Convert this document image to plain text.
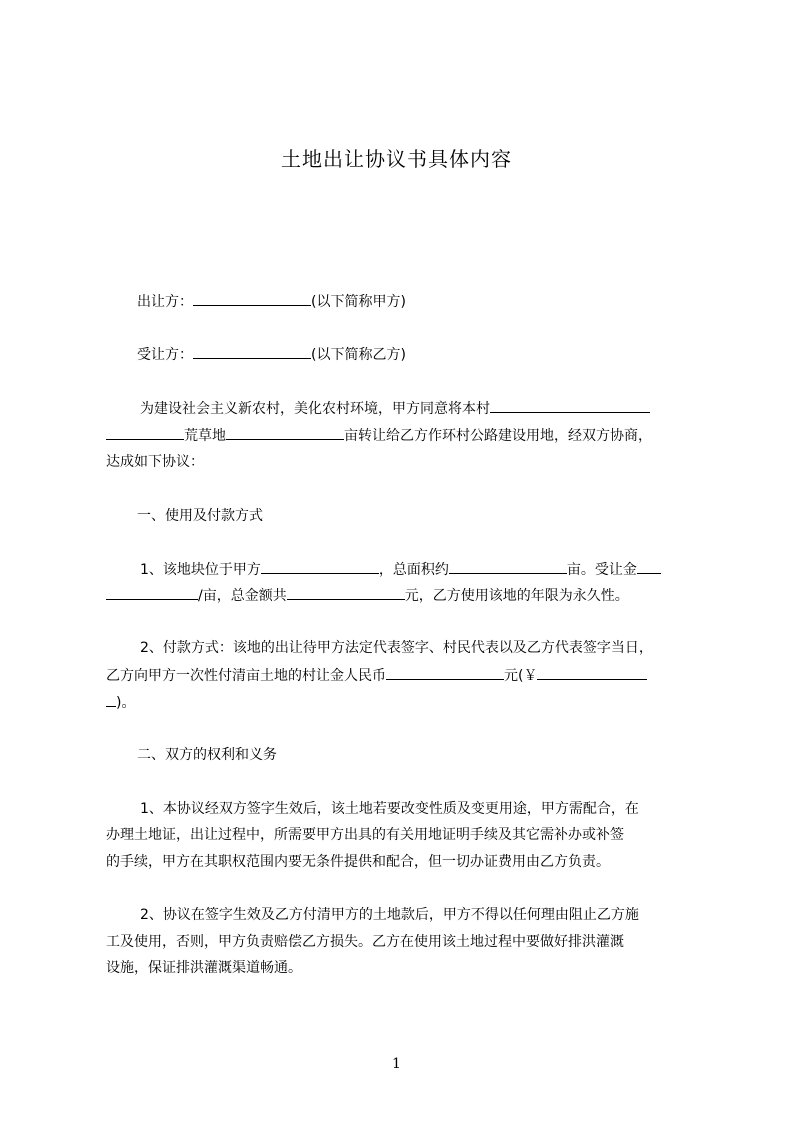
土地出让协议书具体内容
出让方：	(以下简称甲方)
受让方：	(以下简称乙方)
为建设社会主义新农村，美化农村环境，甲方同意将本村
荒草地	亩转让给乙方作环村公路建设用地，经双方协商，
达成如下协议：
一、使用及付款方式
1、该地块位于甲方	，总面积约	亩。受让金
/亩，总金额共	元，乙方使用该地的年限为永久性。
2、付款方式：该地的出让待甲方法定代表签字、村民代表以及乙方代表签字当日，
乙方向甲方一次性付清亩土地的村让金人民币	元(￥
)。
二、双方的权利和义务
1、本协议经双方签字生效后，该土地若要改变性质及变更用途，甲方需配合，在
办理土地证，出让过程中，所需要甲方出具的有关用地证明手续及其它需补办或补签
的手续，甲方在其职权范围内要无条件提供和配合，但一切办证费用由乙方负责。
2、协议在签字生效及乙方付清甲方的土地款后，甲方不得以任何理由阻止乙方施
工及使用，否则，甲方负责赔偿乙方损失。乙方在使用该土地过程中要做好排洪灌溉
设施，保证排洪灌溉渠道畅通。
1
